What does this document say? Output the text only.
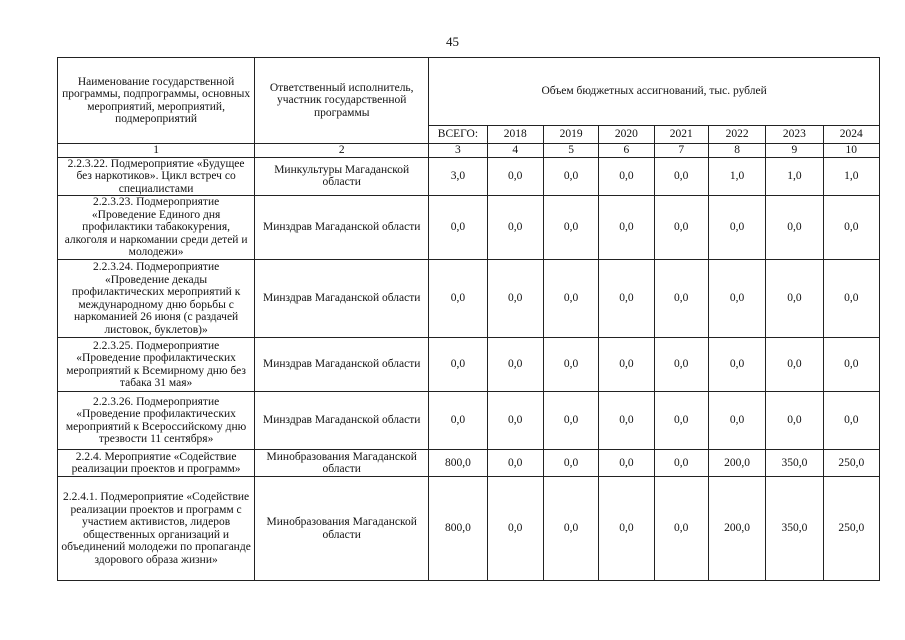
45
Наименование государственной программы, подпрограммы, основных мероприятий, мероприятий, подмероприятий	Ответственный исполнитель, участник государственной программы	Объем бюджетных ассигнований, тыс. рублей							
		ВСЕГО:	2018	2019	2020	2021	2022	2023	2024
1	2	3	4	5	6	7	8	9	10
2.2.3.22. Подмероприятие «Будущее без наркотиков». Цикл встреч со специалистами	Минкультуры Магаданской области	3,0	0,0	0,0	0,0	0,0	1,0	1,0	1,0
2.2.3.23. Подмероприятие «Проведение Единого дня профилактики табакокурения, алкоголя и наркомании среди детей и молодежи»	Минздрав Магаданской области	0,0	0,0	0,0	0,0	0,0	0,0	0,0	0,0
2.2.3.24. Подмероприятие «Проведение декады профилактических мероприятий к международному дню борьбы с наркоманией 26 июня (с раздачей листовок, буклетов)»	Минздрав Магаданской области	0,0	0,0	0,0	0,0	0,0	0,0	0,0	0,0
2.2.3.25. Подмероприятие «Проведение профилактических мероприятий к Всемирному дню без табака 31 мая»	Минздрав Магаданской области	0,0	0,0	0,0	0,0	0,0	0,0	0,0	0,0
2.2.3.26. Подмероприятие «Проведение профилактических мероприятий к Всероссийскому дню трезвости 11 сентября»	Минздрав Магаданской области	0,0	0,0	0,0	0,0	0,0	0,0	0,0	0,0
2.2.4. Мероприятие «Содействие реализации проектов и программ»	Минобразования Магаданской области	800,0	0,0	0,0	0,0	0,0	200,0	350,0	250,0
2.2.4.1. Подмероприятие «Содействие реализации проектов и программ с участием активистов, лидеров общественных организаций и объединений молодежи по пропаганде здорового образа жизни»	Минобразования Магаданской области	800,0	0,0	0,0	0,0	0,0	200,0	350,0	250,0
